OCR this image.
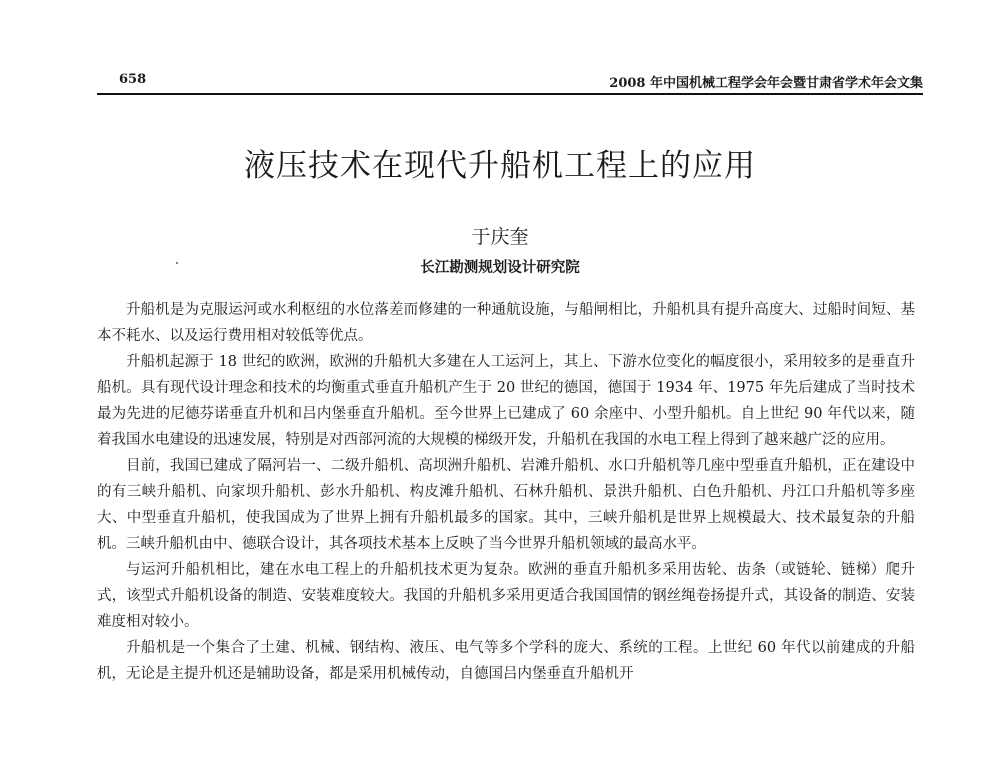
658	2008 年中国机械工程学会年会暨甘肃省学术年会文集
液压技术在现代升船机工程上的应用
于庆奎
长江勘测规划设计研究院

升船机是为克服运河或水利枢纽的水位落差而修建的一种通航设施，与船闸相比，升船机具有提升高度大、过船时间短、基本不耗水、以及运行费用相对较低等优点。

升船机起源于 18 世纪的欧洲，欧洲的升船机大多建在人工运河上，其上、下游水位变化的幅度很小，采用较多的是垂直升船机。具有现代设计理念和技术的均衡重式垂直升船机产生于 20 世纪的德国，德国于 1934 年、1975 年先后建成了当时技术最为先进的尼德芬诺垂直升机和吕内堡垂直升船机。至今世界上已建成了 60 余座中、小型升船机。自上世纪 90 年代以来，随着我国水电建设的迅速发展，特别是对西部河流的大规模的梯级开发，升船机在我国的水电工程上得到了越来越广泛的应用。

目前，我国已建成了隔河岩一、二级升船机、高坝洲升船机、岩滩升船机、水口升船机等几座中型垂直升船机，正在建设中的有三峡升船机、向家坝升船机、彭水升船机、构皮滩升船机、石林升船机、景洪升船机、白色升船机、丹江口升船机等多座大、中型垂直升船机，使我国成为了世界上拥有升船机最多的国家。其中，三峡升船机是世界上规模最大、技术最复杂的升船机。三峡升船机由中、德联合设计，其各项技术基本上反映了当今世界升船机领域的最高水平。

与运河升船机相比，建在水电工程上的升船机技术更为复杂。欧洲的垂直升船机多采用齿轮、齿条（或链轮、链梯）爬升式，该型式升船机设备的制造、安装难度较大。我国的升船机多采用更适合我国国情的钢丝绳卷扬提升式，其设备的制造、安装难度相对较小。

升船机是一个集合了土建、机械、钢结构、液压、电气等多个学科的庞大、系统的工程。上世纪 60 年代以前建成的升船机，无论是主提升机还是辅助设备，都是采用机械传动，自德国吕内堡垂直升船机开
